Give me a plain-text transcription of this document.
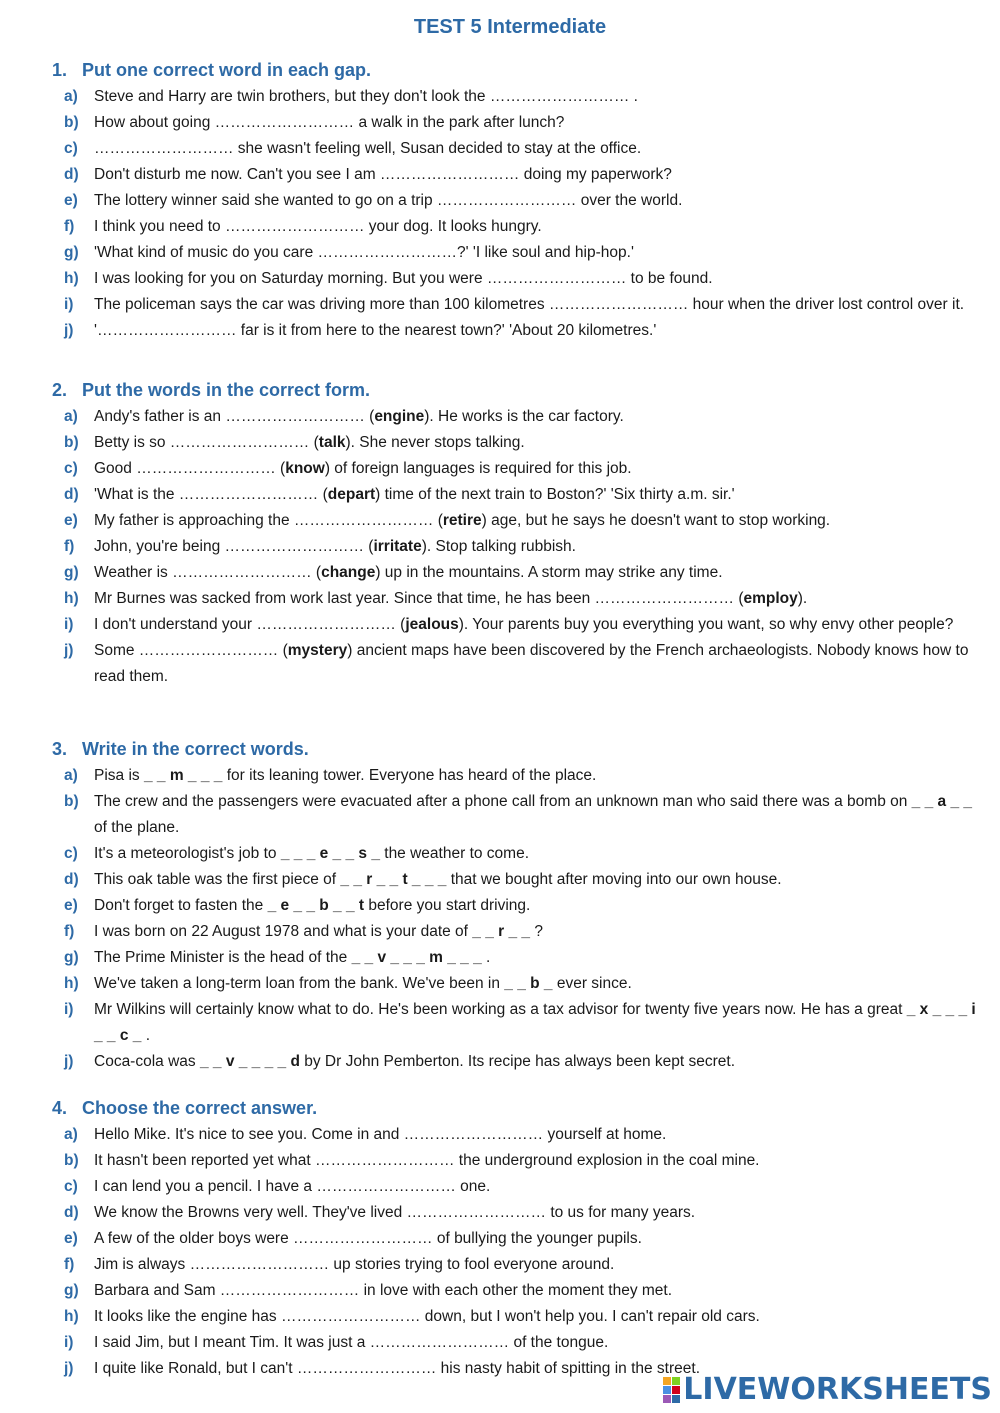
TEST 5 Intermediate
1. Put one correct word in each gap.
a)	Steve and Harry are twin brothers, but they don't look the ……………………… .
b) How about going ……………………… a walk in the park after lunch?
c)	……………………… she wasn't feeling well, Susan decided to stay at the office.
d) Don't disturb me now. Can't you see I am ……………………… doing my paperwork?
e)	The lottery winner said she wanted to go on a trip ……………………… over the world.
f)	I think you need to ……………………… your dog. It looks hungry.
g) 'What kind of music do you care ………………………?' 'I like soul and hip-hop.'
h) I was looking for you on Saturday morning. But you were ……………………… to be found.
i)	The policeman says the car was driving more than 100 kilometres ……………………… hour when the driver lost control over it.
j)	'……………………… far is it from here to the nearest town?' 'About 20 kilometres.'
2. Put the words in the correct form.
a)	Andy's father is an ……………………… (engine). He works is the car factory.
b) Betty is so ……………………… (talk). She never stops talking.
c)	Good ……………………… (know) of foreign languages is required for this job.
d) 'What is the ……………………… (depart) time of the next train to Boston?' 'Six thirty a.m. sir.'
e)	My father is approaching the ……………………… (retire) age, but he says he doesn't want to stop working.
f)	John, you're being ……………………… (irritate). Stop talking rubbish.
g) Weather is ……………………… (change) up in the mountains. A storm may strike any time.
h) Mr Burnes was sacked from work last year. Since that time, he has been ……………………… (employ).
i)	I don't understand your ……………………… (jealous). Your parents buy you everything you want, so why envy other people?
j)	Some ……………………… (mystery) ancient maps have been discovered by the French archaeologists. Nobody knows how to read them.
3. Write in the correct words.
a)	Pisa is _ _ m _ _ _ for its leaning tower. Everyone has heard of the place.
b) The crew and the passengers were evacuated after a phone call from an unknown man who said there was a bomb on _ _ a _ _ of the plane.
c)	It's a meteorologist's job to _ _ _ e _ _ s _ the weather to come.
d) This oak table was the first piece of _ _ r _ _ t _ _ _ that we bought after moving into our own house.
e)	Don't forget to fasten the _ e _ _ b _ _ t before you start driving.
f)	I was born on 22 August 1978 and what is your date of _ _ r _ _ ?
g) The Prime Minister is the head of the _ _ v _ _ _ m _ _ _ .
h) We've taken a long-term loan from the bank. We've been in _ _ b _ ever since.
i)	Mr Wilkins will certainly know what to do. He's been working as a tax advisor for twenty five years now. He has a great _ x _ _ _ i _ _ c _ .
j)	Coca-cola was _ _ v _ _ _ _ d by Dr John Pemberton. Its recipe has always been kept secret.
4. Choose the correct answer.
a)	Hello Mike. It's nice to see you. Come in and ……………………… yourself at home.
b) It hasn't been reported yet what ……………………… the underground explosion in the coal mine.
c)	I can lend you a pencil. I have a ……………………… one.
d) We know the Browns very well. They've lived ……………………… to us for many years.
e)	A few of the older boys were ……………………… of bullying the younger pupils.
f)	Jim is always ……………………… up stories trying to fool everyone around.
g) Barbara and Sam ……………………… in love with each other the moment they met.
h) It looks like the engine has ……………………… down, but I won't help you. I can't repair old cars.
i)	I said Jim, but I meant Tim. It was just a ……………………… of the tongue.
j)	I quite like Ronald, but I can't ……………………… his nasty habit of spitting in the street.
LIVEWORKSHEETS
